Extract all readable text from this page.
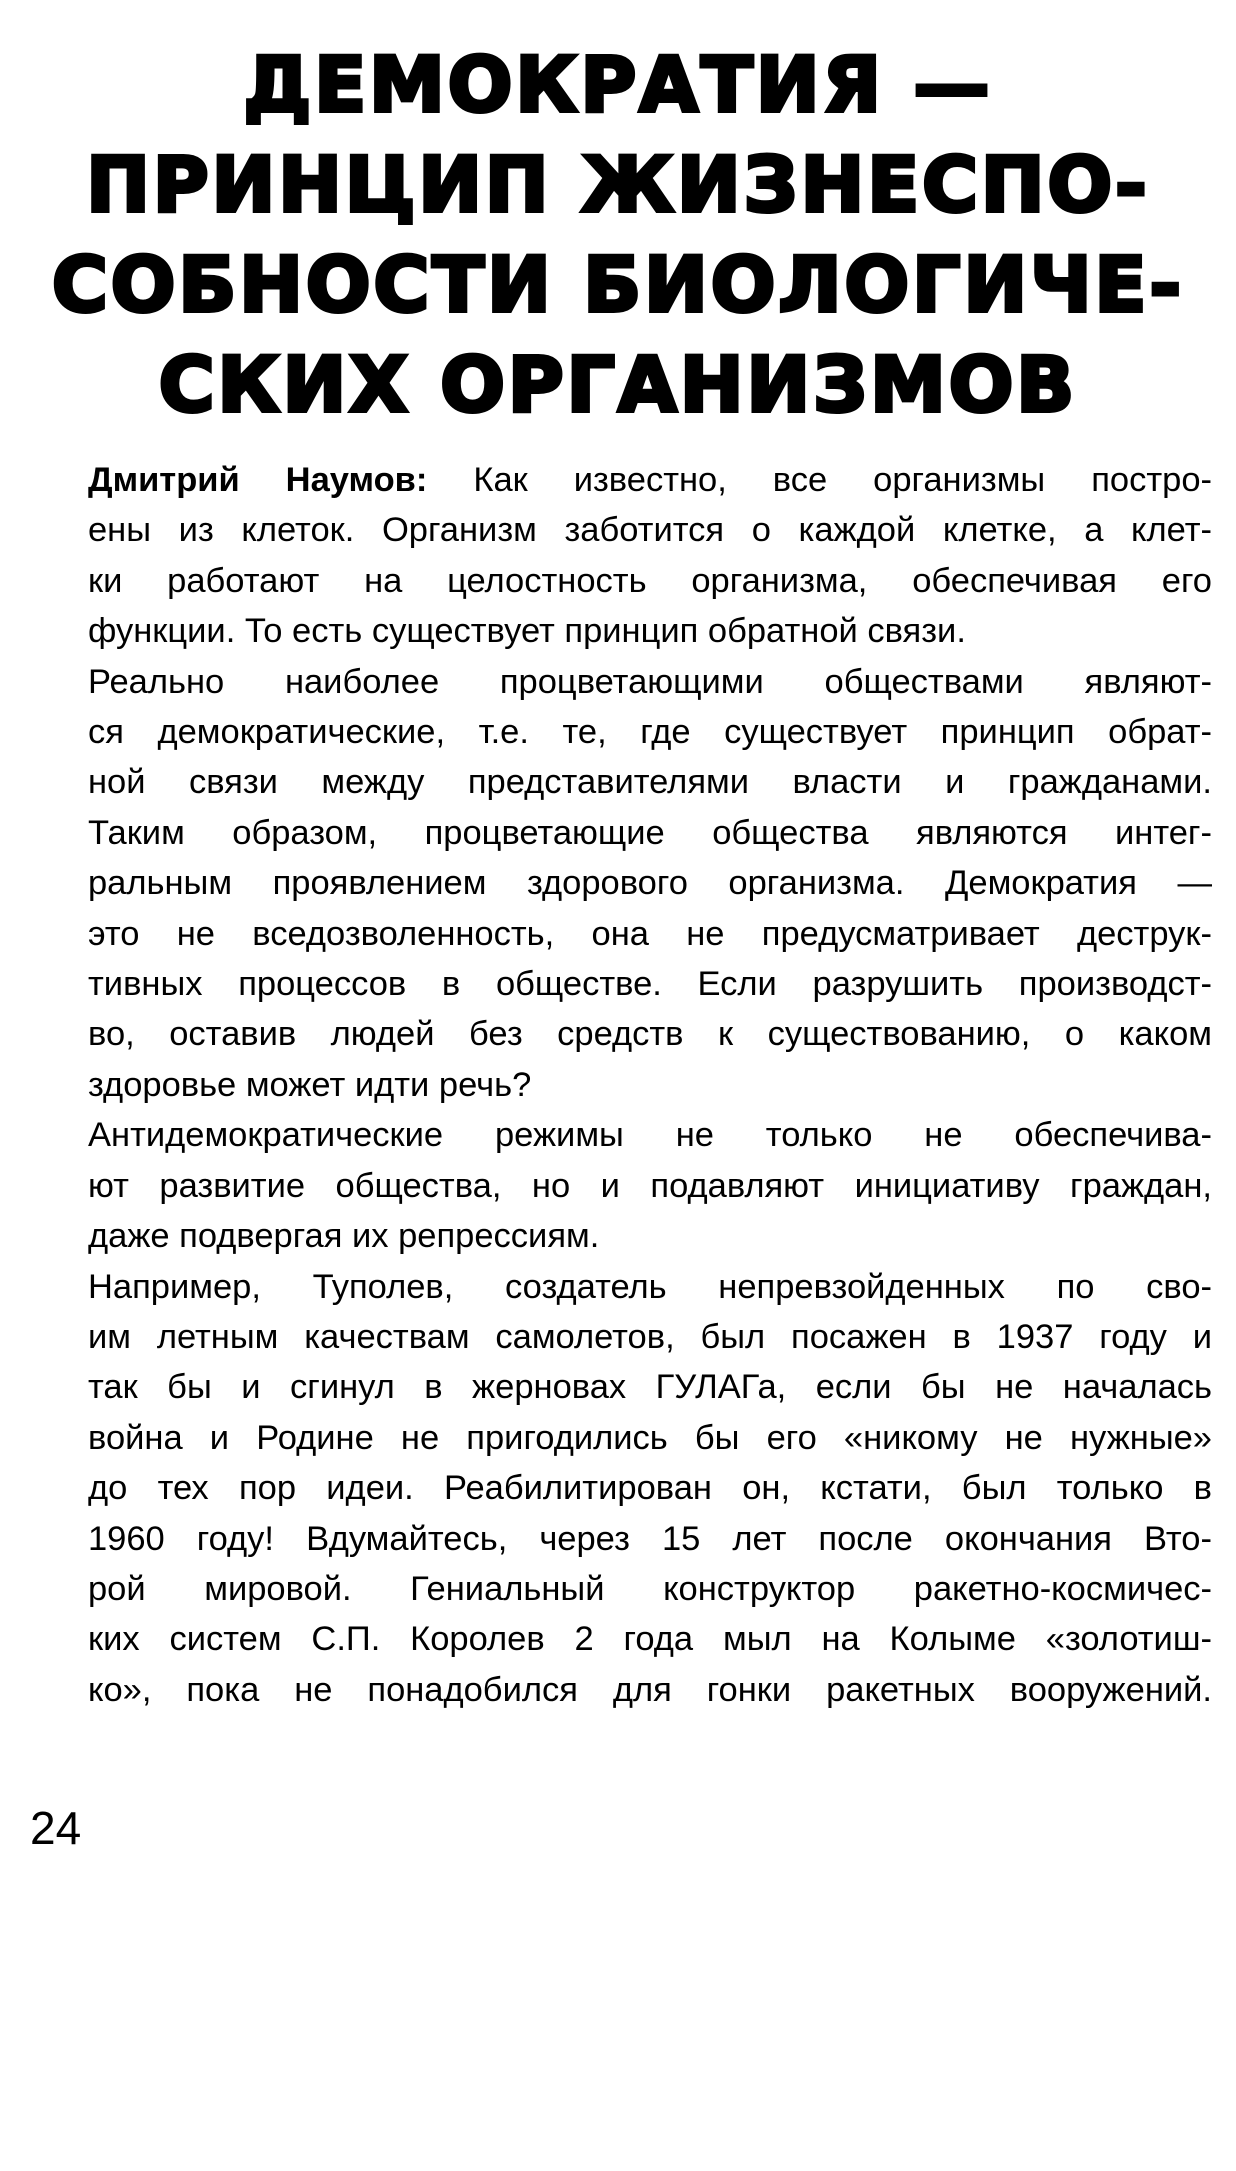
ДЕМОКРАТИЯ —
ПРИНЦИП ЖИЗНЕСПО-
СОБНОСТИ БИОЛОГИЧЕ-
СКИХ ОРГАНИЗМОВ

Дмитрий Наумов: Как известно, все организмы постро-
ены из клеток. Организм заботится о каждой клетке, а клет-
ки работают на целостность организма, обеспечивая его
функции. То есть существует принцип обратной связи.

Реально наиболее процветающими обществами являют-
ся демократические, т.е. те, где существует принцип обрат-
ной связи между представителями власти и гражданами.
Таким образом, процветающие общества являются интег-
ральным проявлением здорового организма. Демократия —
это не вседозволенность, она не предусматривает деструк-
тивных процессов в обществе. Если разрушить производст-
во, оставив людей без средств к существованию, о каком
здоровье может идти речь?

Антидемократические режимы не только не обеспечива-
ют развитие общества, но и подавляют инициативу граждан,
даже подвергая их репрессиям.

Например, Туполев, создатель непревзойденных по сво-
им летным качествам самолетов, был посажен в 1937 году и
так бы и сгинул в жерновах ГУЛАГа, если бы не началась
война и Родине не пригодились бы его «никому не нужные»
до тех пор идеи. Реабилитирован он, кстати, был только в
1960 году! Вдумайтесь, через 15 лет после окончания Вто-
рой мировой. Гениальный конструктор ракетно-космичес-
ких систем С.П. Королев 2 года мыл на Колыме «золотиш-
ко», пока не понадобился для гонки ракетных вооружений.

24
